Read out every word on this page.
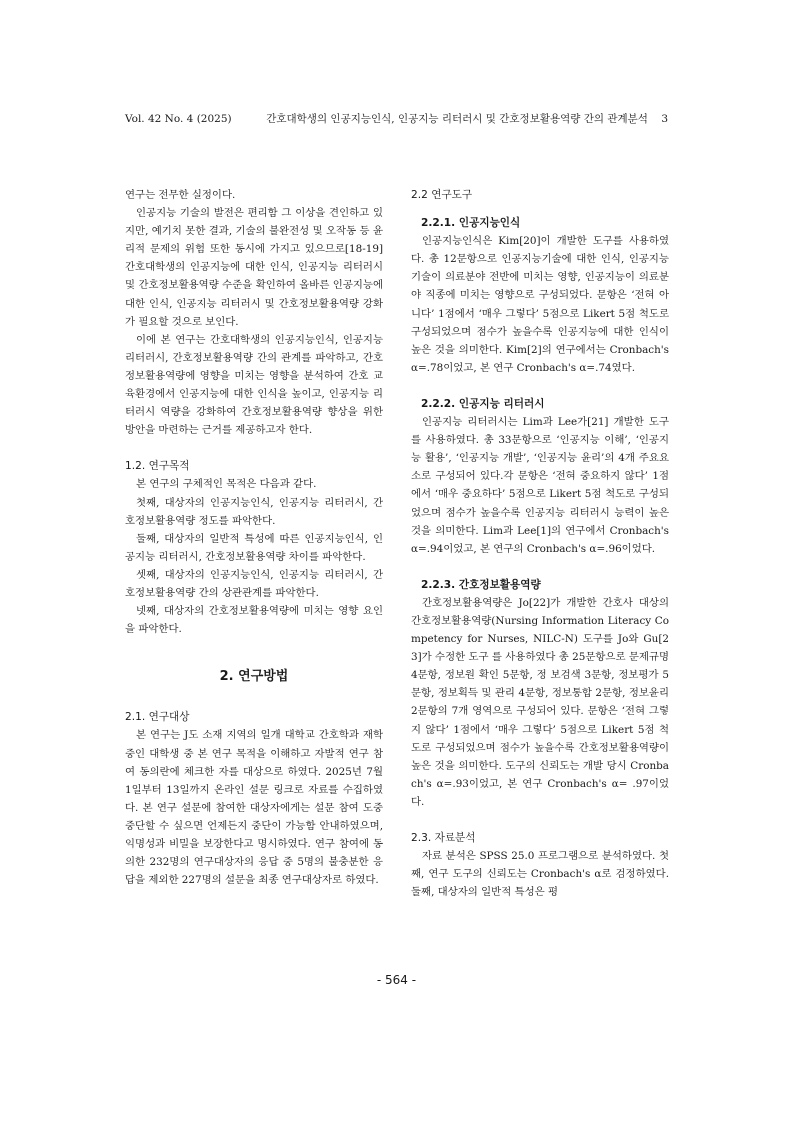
Vol. 42 No. 4 (2025)	간호대학생의 인공지능인식, 인공지능 리터러시 및 간호정보활용역량 간의 관계분석 3

연구는 전무한 실정이다.

인공지능 기술의 발전은 편리함 그 이상을 견인하고 있지만, 예기치 못한 결과, 기술의 불완전성 및 오작동 등 윤리적 문제의 위험 또한 동시에 가지고 있으므로[18-19] 간호대학생의 인공지능에 대한 인식, 인공지능 리터러시 및 간호정보활용역량 수준을 확인하여 올바른 인공지능에 대한 인식, 인공지능 리터러시 및 간호정보활용역량 강화가 필요할 것으로 보인다.

이에 본 연구는 간호대학생의 인공지능인식, 인공지능 리터러시, 간호정보활용역량 간의 관계를 파악하고, 간호정보활용역량에 영향을 미치는 영향을 분석하여 간호 교육환경에서 인공지능에 대한 인식을 높이고, 인공지능 리터러시 역량을 강화하여 간호정보활용역량 향상을 위한 방안을 마련하는 근거를 제공하고자 한다.

1.2. 연구목적

본 연구의 구체적인 목적은 다음과 같다.

첫째, 대상자의 인공지능인식, 인공지능 리터러시, 간호정보활용역량 정도를 파악한다.

둘째, 대상자의 일반적 특성에 따른 인공지능인식, 인공지능 리터러시, 간호정보활용역량 차이를 파악한다.

셋째, 대상자의 인공지능인식, 인공지능 리터러시, 간호정보활용역량 간의 상관관계를 파악한다.

넷째, 대상자의 간호정보활용역량에 미치는 영향 요인을 파악한다.

2. 연구방법
2.1. 연구대상

본 연구는 J도 소재 지역의 일개 대학교 간호학과 재학 중인 대학생 중 본 연구 목적을 이해하고 자발적 연구 참여 동의란에 체크한 자를 대상으로 하였다. 2025년 7월 1일부터 13일까지 온라인 설문 링크로 자료를 수집하였다. 본 연구 설문에 참여한 대상자에게는 설문 참여 도중 중단할 수 싶으면 언제든지 중단이 가능함 안내하였으며, 익명성과 비밀을 보장한다고 명시하였다. 연구 참여에 동의한 232명의 연구대상자의 응답 중 5명의 불충분한 응답을 제외한 227명의 설문을 최종 연구대상자로 하였다.

2.2 연구도구
2.2.1. 인공지능인식

인공지능인식은 Kim[20]이 개발한 도구를 사용하였다. 총 12문항으로 인공지능기술에 대한 인식, 인공지능 기술이 의료분야 전반에 미치는 영향, 인공지능이 의료분야 직종에 미치는 영향으로 구성되었다. 문항은 ‘전혀 아니다’ 1점에서 ‘매우 그렇다’ 5점으로 Likert 5점 척도로 구성되었으며 점수가 높을수록 인공지능에 대한 인식이 높은 것을 의미한다. Kim[2]의 연구에서는 Cronbach's α=.78이었고, 본 연구 Cronbach's α=.74였다.

2.2.2. 인공지능 리터러시

인공지능 리터러시는 Lim과 Lee가[21] 개발한 도구를 사용하였다. 총 33문항으로 ‘인공지능 이해’, ‘인공지능 활용’, ‘인공지능 개발’, ‘인공지능 윤리’의 4개 주요요소로 구성되어 있다.각 문항은 ‘전혀 중요하지 않다’ 1점에서 ‘매우 중요하다’ 5점으로 Likert 5점 척도로 구성되었으며 점수가 높을수록 인공지능 리터러시 능력이 높은 것을 의미한다. Lim과 Lee[1]의 연구에서 Cronbach's α=.94이었고, 본 연구의 Cronbach's α=.96이었다.

2.2.3. 간호정보활용역량

간호정보활용역량은 Jo[22]가 개발한 간호사 대상의 간호정보활용역량(Nursing Information Literacy Competency for Nurses, NILC-N) 도구를 Jo와 Gu[23]가 수정한 도구 를 사용하였다 총 25문항으로 문제규명 4문항, 정보원 확인 5문항, 정 보검색 3문항, 정보평가 5문항, 정보획득 및 관리 4문항, 정보통합 2문항, 정보윤리 2문항의 7개 영역으로 구성되어 있다. 문항은 ‘전혀 그렇지 않다’ 1점에서 ‘매우 그렇다’ 5점으로 Likert 5점 척도로 구성되었으며 점수가 높을수록 간호정보활용역량이 높은 것을 의미한다. 도구의 신뢰도는 개발 당시 Cronbach's α=.93이었고, 본 연구 Cronbach's α= .97이었다.

2.3. 자료분석

자료 분석은 SPSS 25.0 프로그램으로 분석하였다. 첫째, 연구 도구의 신뢰도는 Cronbach's α로 검정하였다. 둘째, 대상자의 일반적 특성은 평

- 564 -
